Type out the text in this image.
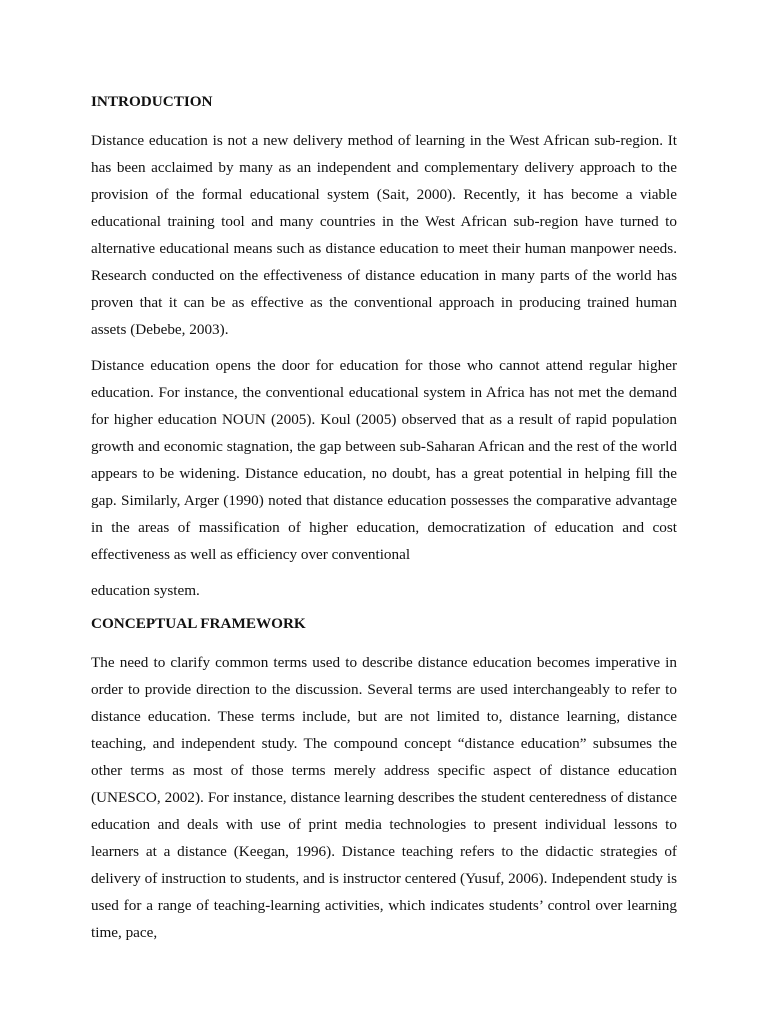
INTRODUCTION

Distance education is not a new delivery method of learning in the West African sub-region. It has been acclaimed by many as an independent and complementary delivery approach to the provision of the formal educational system (Sait, 2000). Recently, it has become a viable educational training tool and many countries in the West African sub-region have turned to alternative educational means such as distance education to meet their human manpower needs. Research conducted on the effectiveness of distance education in many parts of the world has proven that it can be as effective as the conventional approach in producing trained human assets (Debebe, 2003).

Distance education opens the door for education for those who cannot attend regular higher education. For instance, the conventional educational system in Africa has not met the demand for higher education NOUN (2005). Koul (2005) observed that as a result of rapid population growth and economic stagnation, the gap between sub-Saharan African and the rest of the world appears to be widening. Distance education, no doubt, has a great potential in helping fill the gap. Similarly, Arger (1990) noted that distance education possesses the comparative advantage in the areas of massification of higher education, democratization of education and cost effectiveness as well as efficiency over conventional

education system.

CONCEPTUAL FRAMEWORK

The need to clarify common terms used to describe distance education becomes imperative in order to provide direction to the discussion. Several terms are used interchangeably to refer to distance education. These terms include, but are not limited to, distance learning, distance teaching, and independent study. The compound concept “distance education” subsumes the other terms as most of those terms merely address specific aspect of distance education (UNESCO, 2002). For instance, distance learning describes the student centeredness of distance education and deals with use of print media technologies to present individual lessons to learners at a distance (Keegan, 1996). Distance teaching refers to the didactic strategies of delivery of instruction to students, and is instructor centered (Yusuf, 2006). Independent study is used for a range of teaching-learning activities, which indicates students’ control over learning time, pace,
